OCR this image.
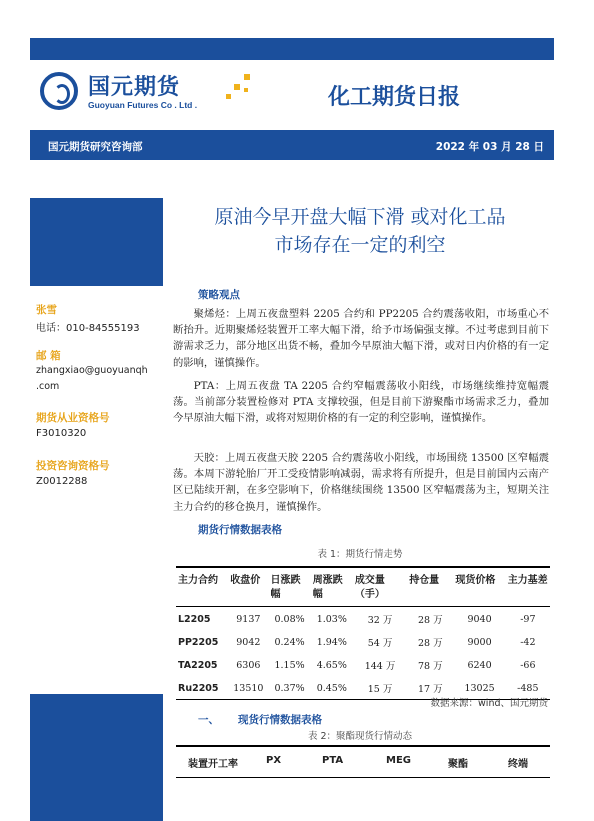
国元期货
Guoyuan Futures Co . Ltd .	化工期货日报
国元期货研究咨询部	2022 年 03 月 28 日
张雪
电话：010-84555193
邮 箱
zhangxiao@guoyuanqh
.com
期货从业资格号
F3010320
投资咨询资格号
Z0012288
原油今早开盘大幅下滑 或对化工品
市场存在一定的利空
策略观点

聚烯烃：上周五夜盘塑料 2205 合约和 PP2205 合约震荡收阳，市场重心不断抬升。近期聚烯烃装置开工率大幅下滑，给予市场偏强支撑。不过考虑到目前下游需求乏力，部分地区出货不畅，叠加今早原油大幅下滑，或对日内价格的有一定的影响，谨慎操作。

PTA：上周五夜盘 TA 2205 合约窄幅震荡收小阳线，市场继续维持宽幅震荡。当前部分装置检修对 PTA 支撑较强，但是目前下游聚酯市场需求乏力，叠加今早原油大幅下滑，或将对短期价格的有一定的利空影响，谨慎操作。

天胶：上周五夜盘天胶 2205 合约震荡收小阳线，市场围绕 13500 区窄幅震荡。本周下游轮胎厂开工受疫情影响减弱，需求将有所提升，但是目前国内云南产区已陆续开割，在多空影响下，价格继续围绕 13500 区窄幅震荡为主，短期关注主力合约的移仓换月，谨慎操作。

期货行情数据表格
表 1：期货行情走势
主力合约	收盘价	日涨跌幅	周涨跌幅	成交量（手）	持仓量	现货价格	主力基差
L2205	9137	0.08%	1.03%	32 万	28 万	9040	-97
PP2205	9042	0.24%	1.94%	54 万	28 万	9000	-42
TA2205	6306	1.15%	4.65%	144 万	78 万	6240	-66
Ru2205	13510	0.37%	0.45%	15 万	17 万	13025	-485
数据来源：wind、国元期货
一、 现货行情数据表格
表 2：聚酯现货行情动态
装置开工率	PX	PTA	MEG	聚酯	终端
